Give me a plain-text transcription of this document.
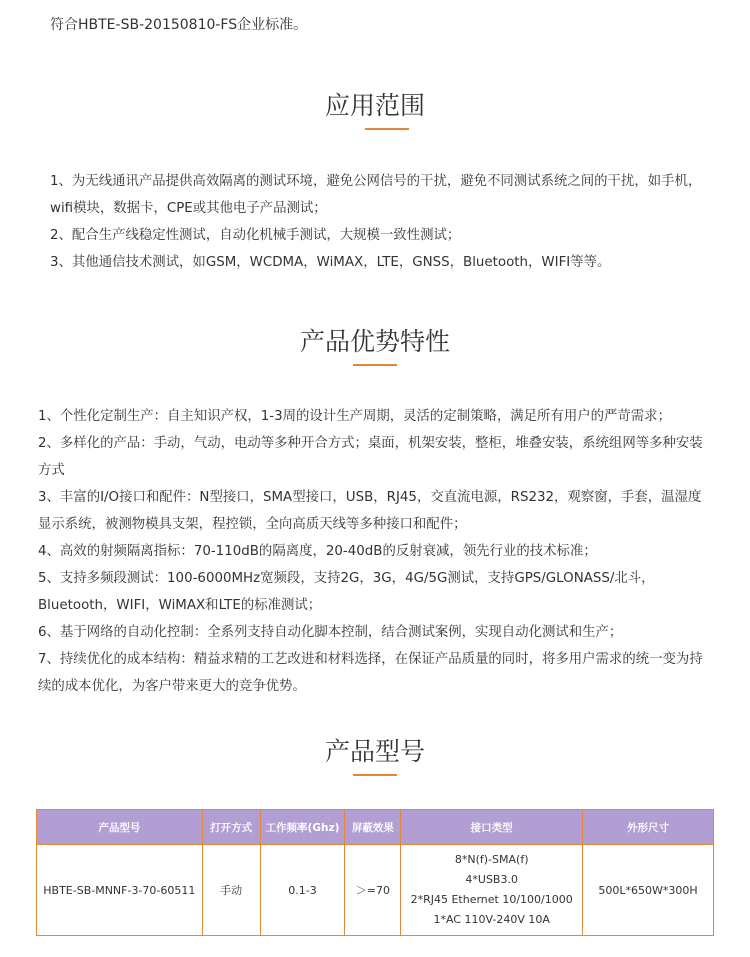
符合HBTE-SB-20150810-FS企业标准。
应用范围

1、为无线通讯产品提供高效隔离的测试环境，避免公网信号的干扰，避免不同测试系统之间的干扰，如手机，wifi模块，数据卡，CPE或其他电子产品测试；

2、配合生产线稳定性测试，自动化机械手测试，大规模一致性测试；

3、其他通信技术测试，如GSM，WCDMA，WiMAX，LTE，GNSS，Bluetooth，WIFI等等。

产品优势特性

1、个性化定制生产：自主知识产权，1-3周的设计生产周期，灵活的定制策略，满足所有用户的严苛需求；

2、多样化的产品：手动，气动，电动等多种开合方式；桌面，机架安装，整柜，堆叠安装，系统组网等多种安装方式

3、丰富的I/O接口和配件：N型接口，SMA型接口，USB，RJ45，交直流电源，RS232，观察窗，手套，温湿度显示系统，被测物模具支架，程控锁，全向高质天线等多种接口和配件；

4、高效的射频隔离指标：70-110dB的隔离度，20-40dB的反射衰减，领先行业的技术标准；

5、支持多频段测试：100-6000MHz宽频段，支持2G，3G，4G/5G测试，支持GPS/GLONASS/北斗，Bluetooth，WIFI，WiMAX和LTE的标准测试；

6、基于网络的自动化控制：全系列支持自动化脚本控制，结合测试案例，实现自动化测试和生产；

7、持续优化的成本结构：精益求精的工艺改进和材料选择，在保证产品质量的同时，将多用户需求的统一变为持续的成本优化，为客户带来更大的竞争优势。

产品型号
产品型号	打开方式	工作频率(Ghz)	屏蔽效果	接口类型	外形尺寸
HBTE-SB-MNNF-3-70-60511	手动	0.1-3	＞=70	8*N(f)-SMA(f)
4*USB3.0
2*RJ45 Ethernet 10/100/1000
1*AC 110V-240V 10A	500L*650W*300H
